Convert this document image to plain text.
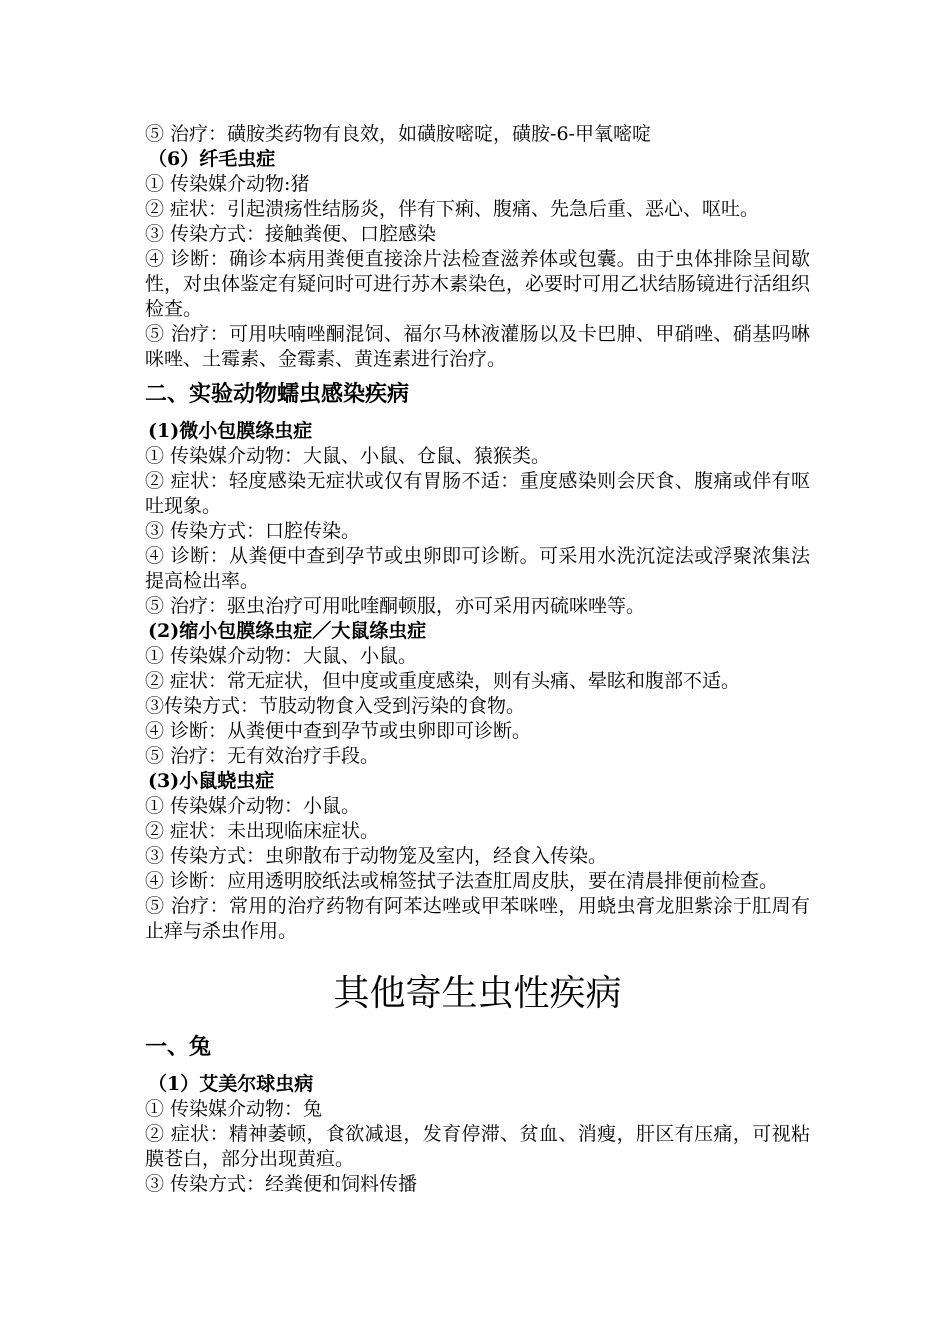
⑤ 治疗：磺胺类药物有良效，如磺胺嘧啶，磺胺-6-甲氧嘧啶

（6）纤毛虫症

① 传染媒介动物:猪

② 症状：引起溃疡性结肠炎，伴有下痢、腹痛、先急后重、恶心、呕吐。

③ 传染方式：接触粪便、口腔感染

④ 诊断：确诊本病用粪便直接涂片法检查滋养体或包囊。由于虫体排除呈间歇性，对虫体鉴定有疑问时可进行苏木素染色，必要时可用乙状结肠镜进行活组织检查。

⑤ 治疗：可用呋喃唑酮混饲、福尔马林液灌肠以及卡巴胂、甲硝唑、硝基吗啉咪唑、土霉素、金霉素、黄连素进行治疗。

二、实验动物蠕虫感染疾病

(1)微小包膜绦虫症

① 传染媒介动物：大鼠、小鼠、仓鼠、猿猴类。

② 症状：轻度感染无症状或仅有胃肠不适：重度感染则会厌食、腹痛或伴有呕吐现象。

③ 传染方式：口腔传染。

④ 诊断：从粪便中查到孕节或虫卵即可诊断。可采用水洗沉淀法或浮聚浓集法提高检出率。

⑤ 治疗：驱虫治疗可用吡喹酮顿服，亦可采用丙硫咪唑等。

(2)缩小包膜绦虫症／大鼠绦虫症

① 传染媒介动物：大鼠、小鼠。

② 症状：常无症状，但中度或重度感染，则有头痛、晕眩和腹部不适。

③传染方式：节肢动物食入受到污染的食物。

④ 诊断：从粪便中查到孕节或虫卵即可诊断。

⑤ 治疗：无有效治疗手段。

(3)小鼠蛲虫症

① 传染媒介动物：小鼠。

② 症状：未出现临床症状。

③ 传染方式：虫卵散布于动物笼及室内，经食入传染。

④ 诊断：应用透明胶纸法或棉签拭子法查肛周皮肤，要在清晨排便前检查。

⑤ 治疗：常用的治疗药物有阿苯达唑或甲苯咪唑，用蛲虫膏龙胆紫涂于肛周有止痒与杀虫作用。

其他寄生虫性疾病
一、兔

（1）艾美尔球虫病

① 传染媒介动物：兔

② 症状：精神萎顿，食欲减退，发育停滞、贫血、消瘦，肝区有压痛，可视粘膜苍白，部分出现黄疸。

③ 传染方式：经粪便和饲料传播
